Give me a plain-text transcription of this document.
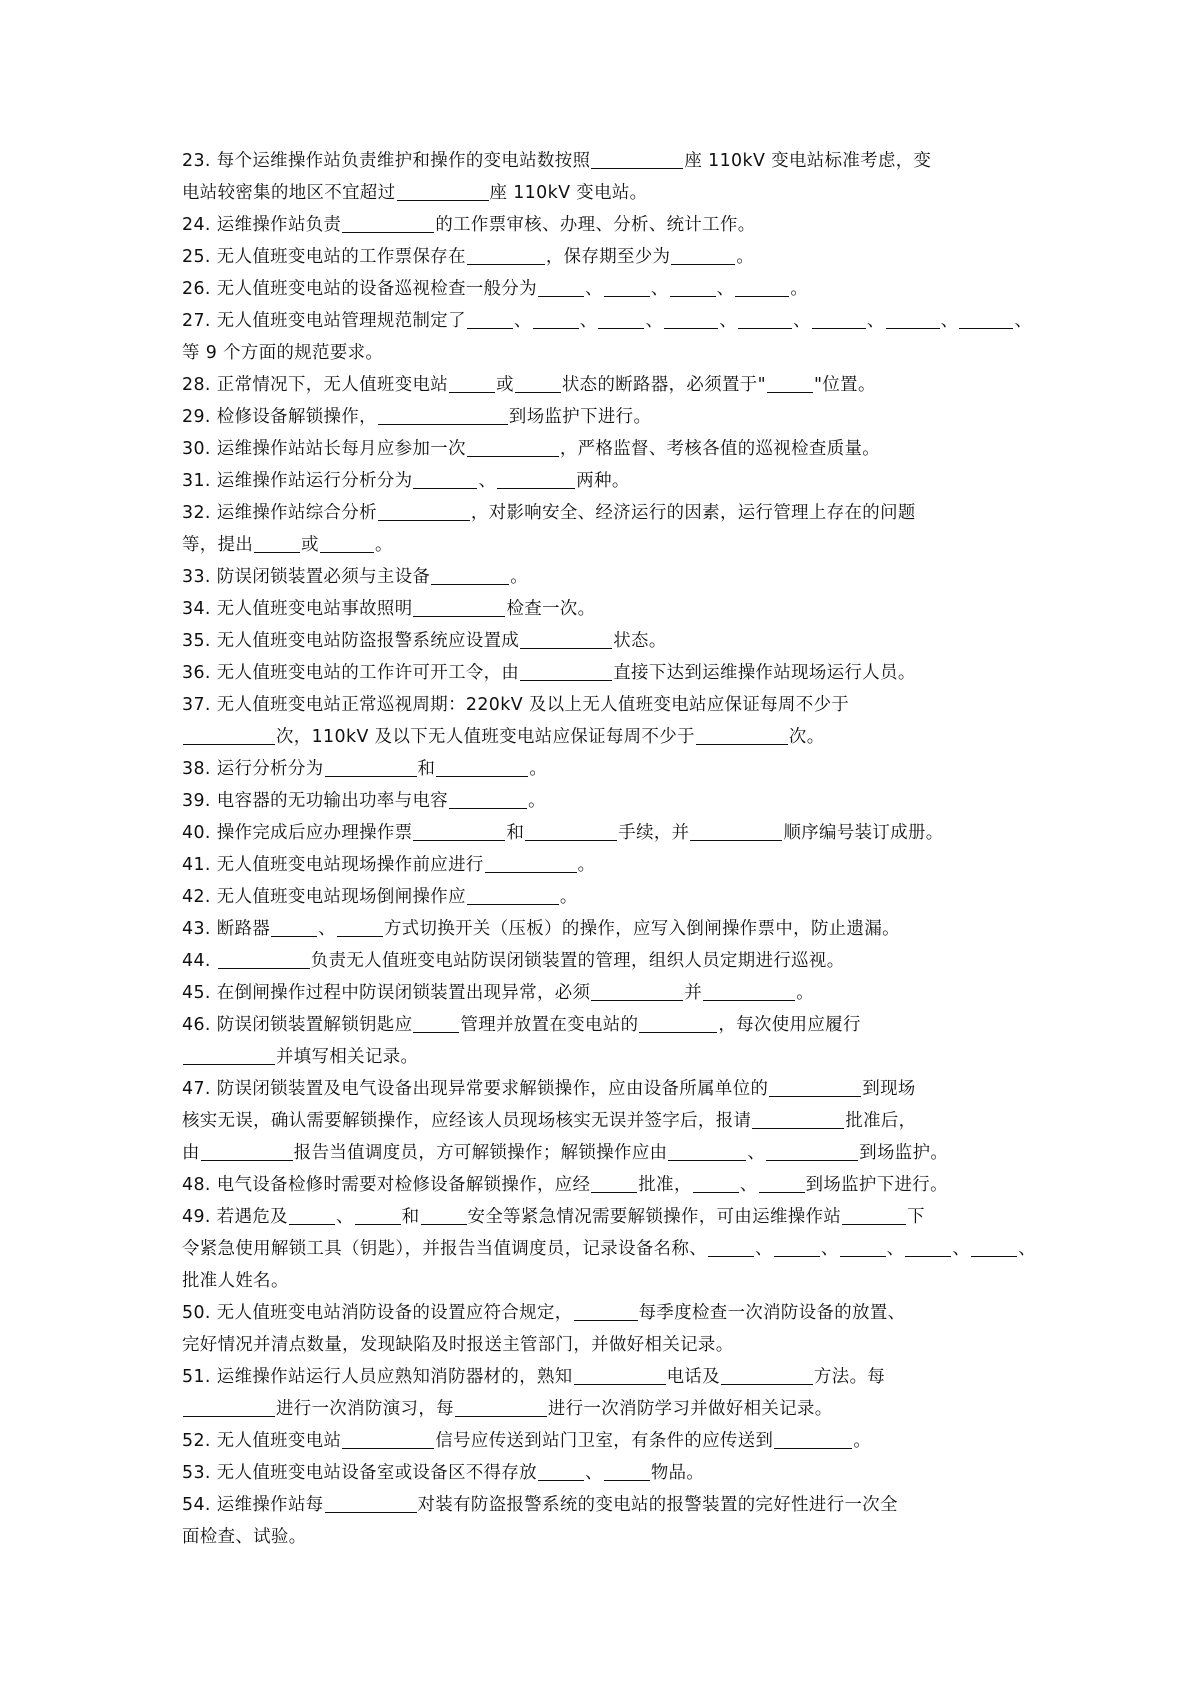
23. 每个运维操作站负责维护和操作的变电站数按照	座 110kV 变电站标准考虑，变
电站较密集的地区不宜超过	座 110kV 变电站。
24. 运维操作站负责	的工作票审核、办理、分析、统计工作。
25. 无人值班变电站的工作票保存在	，保存期至少为	。
26. 无人值班变电站的设备巡视检查一般分为	、	、	、	。
27. 无人值班变电站管理规范制定了	、	、	、	、	、	、	、	、
等 9 个方面的规范要求。
28. 正常情况下，无人值班变电站	或	状态的断路器，必须置于"	"位置。
29. 检修设备解锁操作，	到场监护下进行。
30. 运维操作站站长每月应参加一次	，严格监督、考核各值的巡视检查质量。
31. 运维操作站运行分析分为	、	两种。
32. 运维操作站综合分析	，对影响安全、经济运行的因素，运行管理上存在的问题
等，提出	或	。
33. 防误闭锁装置必须与主设备	。
34. 无人值班变电站事故照明	检查一次。
35. 无人值班变电站防盗报警系统应设置成	状态。
36. 无人值班变电站的工作许可开工令，由	直接下达到运维操作站现场运行人员。
37. 无人值班变电站正常巡视周期：220kV 及以上无人值班变电站应保证每周不少于
次，110kV 及以下无人值班变电站应保证每周不少于	次。
38. 运行分析分为	和	。
39. 电容器的无功输出功率与电容	。
40. 操作完成后应办理操作票	和	手续，并	顺序编号装订成册。
41. 无人值班变电站现场操作前应进行	。
42. 无人值班变电站现场倒闸操作应	。
43. 断路器	、	方式切换开关（压板）的操作，应写入倒闸操作票中，防止遗漏。
44.	负责无人值班变电站防误闭锁装置的管理，组织人员定期进行巡视。
45. 在倒闸操作过程中防误闭锁装置出现异常，必须	并	。
46. 防误闭锁装置解锁钥匙应	管理并放置在变电站的	，每次使用应履行
并填写相关记录。
47. 防误闭锁装置及电气设备出现异常要求解锁操作，应由设备所属单位的	到现场
核实无误，确认需要解锁操作，应经该人员现场核实无误并签字后，报请	批准后，
由	报告当值调度员，方可解锁操作；解锁操作应由	、	到场监护。
48. 电气设备检修时需要对检修设备解锁操作，应经	批准，	、	到场监护下进行。
49. 若遇危及	、	和	安全等紧急情况需要解锁操作，可由运维操作站	下
令紧急使用解锁工具（钥匙），并报告当值调度员，记录设备名称、	、	、	、	、	、
批准人姓名。
50. 无人值班变电站消防设备的设置应符合规定，	每季度检查一次消防设备的放置、
完好情况并清点数量，发现缺陷及时报送主管部门，并做好相关记录。
51. 运维操作站运行人员应熟知消防器材的，熟知	电话及	方法。每
进行一次消防演习，每	进行一次消防学习并做好相关记录。
52. 无人值班变电站	信号应传送到站门卫室，有条件的应传送到	。
53. 无人值班变电站设备室或设备区不得存放	、	物品。
54. 运维操作站每	对装有防盗报警系统的变电站的报警装置的完好性进行一次全
面检查、试验。
